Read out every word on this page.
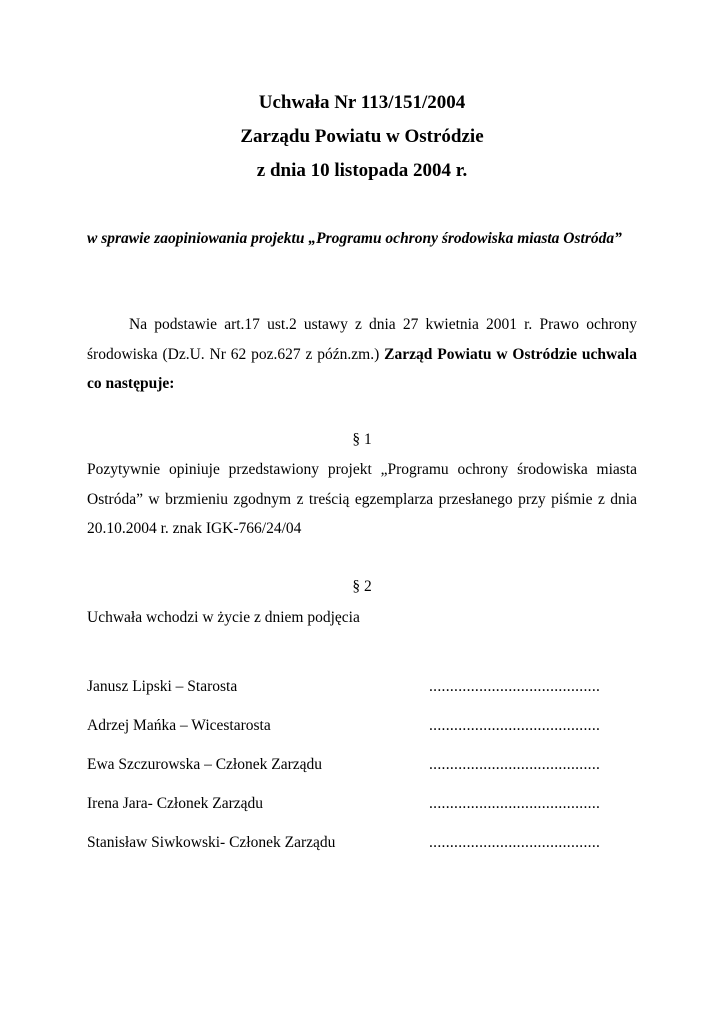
Uchwała Nr 113/151/2004
Zarządu Powiatu w Ostródzie
z dnia 10 listopada 2004 r.
w sprawie zaopiniowania projektu „Programu ochrony środowiska miasta Ostróda”
Na podstawie art.17 ust.2 ustawy z dnia 27 kwietnia 2001 r. Prawo ochrony środowiska (Dz.U. Nr 62 poz.627 z późn.zm.) Zarząd Powiatu w Ostródzie uchwala co następuje:
§ 1
Pozytywnie opiniuje przedstawiony projekt „Programu ochrony środowiska miasta Ostróda” w brzmieniu zgodnym z treścią egzemplarza przesłanego przy piśmie z dnia 20.10.2004 r. znak IGK-766/24/04
§ 2
Uchwała wchodzi w życie z dniem podjęcia
Janusz Lipski – Starosta	.........................................
Adrzej Mańka – Wicestarosta	.........................................
Ewa Szczurowska – Członek Zarządu	.........................................
Irena Jara- Członek Zarządu	.........................................
Stanisław Siwkowski- Członek Zarządu	.........................................
